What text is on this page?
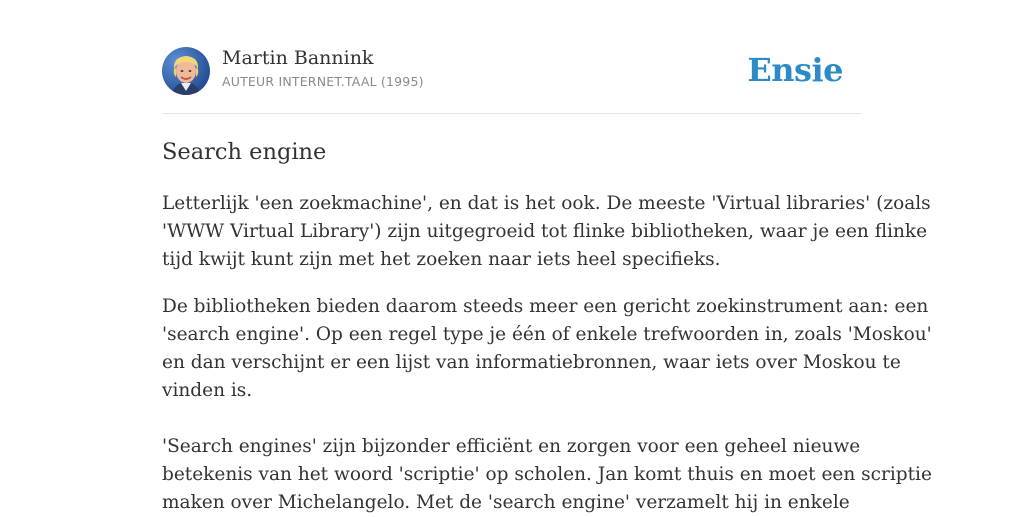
Martin Bannink
AUTEUR INTERNET.TAAL (1995)	Ensie
Search engine

Letterlijk 'een zoekmachine', en dat is het ook. De meeste 'Virtual libraries' (zoals
'WWW Virtual Library') zijn uitgegroeid tot flinke bibliotheken, waar je een flinke
tijd kwijt kunt zijn met het zoeken naar iets heel specifieks.

De bibliotheken bieden daarom steeds meer een gericht zoekinstrument aan: een
'search engine'. Op een regel type je één of enkele trefwoorden in, zoals 'Moskou'
en dan verschijnt er een lijst van informatiebronnen, waar iets over Moskou te
vinden is.

'Search engines' zijn bijzonder efficiënt en zorgen voor een geheel nieuwe
betekenis van het woord 'scriptie' op scholen. Jan komt thuis en moet een scriptie
maken over Michelangelo. Met de 'search engine' verzamelt hij in enkele
